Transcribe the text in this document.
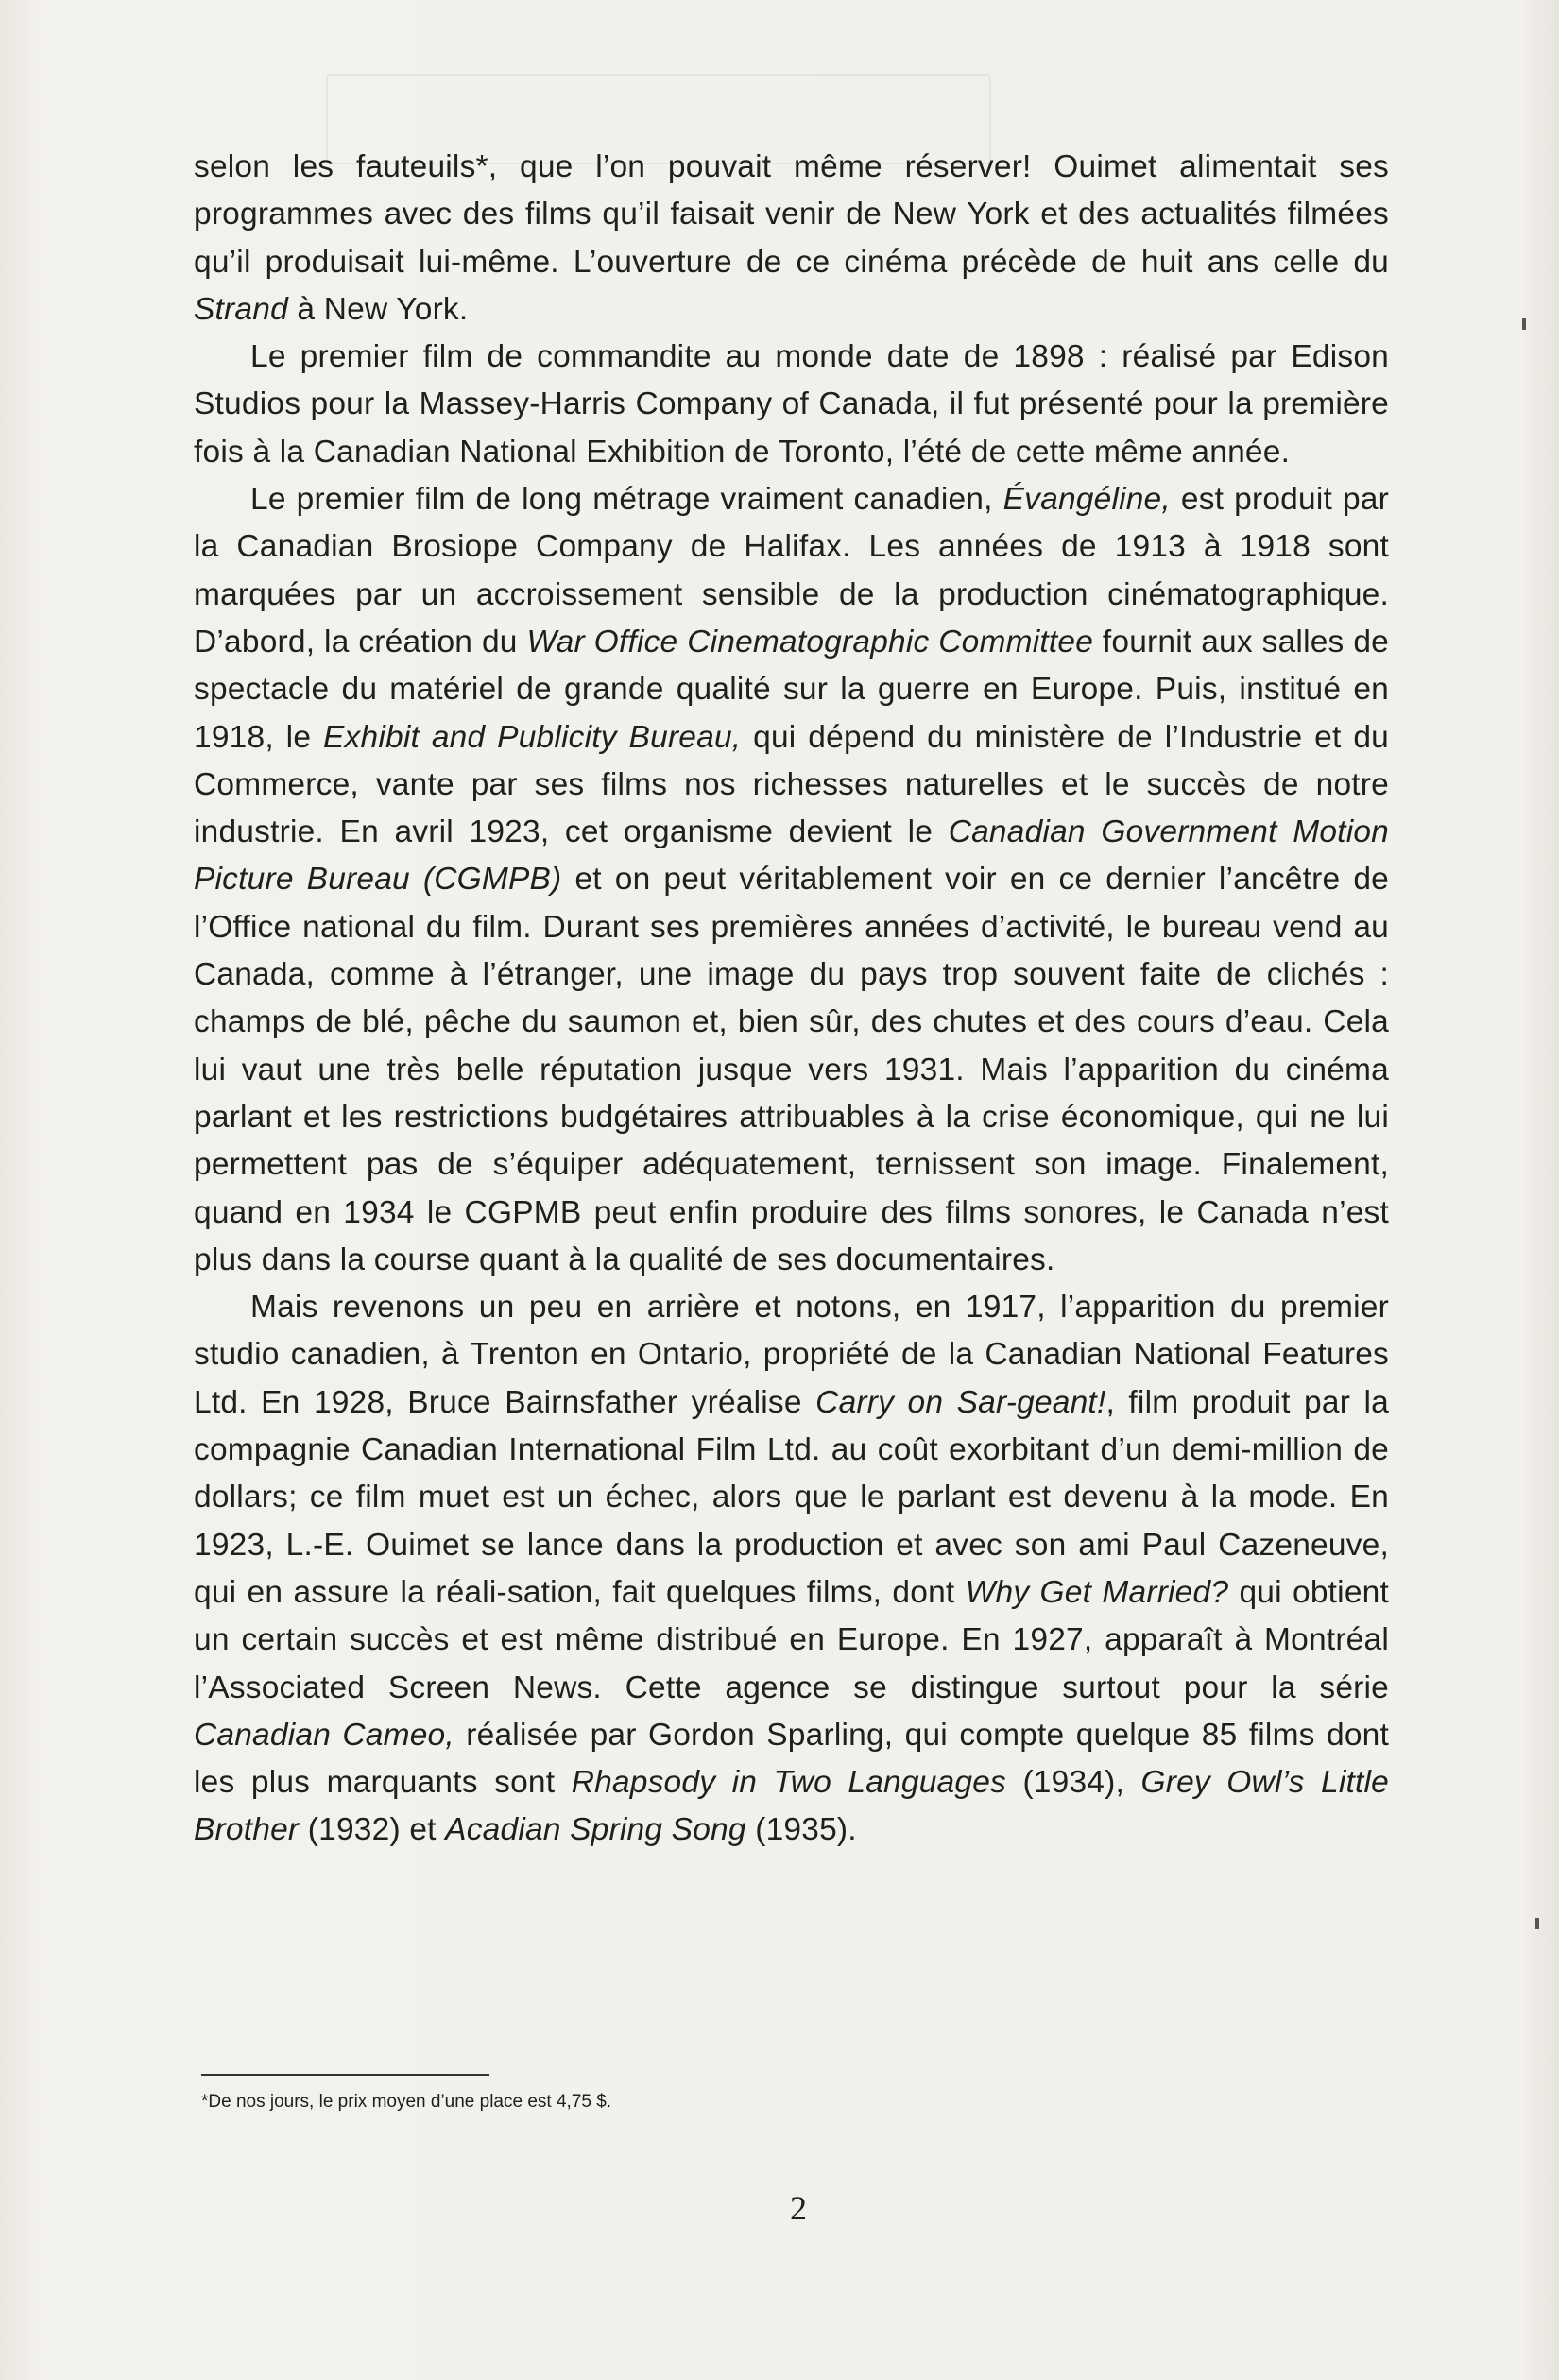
selon les fauteuils*, que l’on pouvait même réserver! Ouimet alimentait ses programmes avec des films qu’il faisait venir de New York et des actualités filmées qu’il produisait lui-même. L’ouverture de ce cinéma précède de huit ans celle du Strand à New York.

Le premier film de commandite au monde date de 1898 : réalisé par Edison Studios pour la Massey-Harris Company of Canada, il fut présenté pour la première fois à la Canadian National Exhibition de Toronto, l’été de cette même année.

Le premier film de long métrage vraiment canadien, Évangéline, est produit par la Canadian Brosiope Company de Halifax. Les années de 1913 à 1918 sont marquées par un accroissement sensible de la production cinématographique. D’abord, la création du War Office Cinematographic Committee fournit aux salles de spectacle du matériel de grande qualité sur la guerre en Europe. Puis, institué en 1918, le Exhibit and Publicity Bureau, qui dépend du ministère de l’Industrie et du Commerce, vante par ses films nos richesses naturelles et le succès de notre industrie. En avril 1923, cet organisme devient le Canadian Government Motion Picture Bureau (CGMPB) et on peut véritablement voir en ce dernier l’ancêtre de l’Office national du film. Durant ses premières années d’activité, le bureau vend au Canada, comme à l’étranger, une image du pays trop souvent faite de clichés : champs de blé, pêche du saumon et, bien sûr, des chutes et des cours d’eau. Cela lui vaut une très belle réputation jusque vers 1931. Mais l’apparition du cinéma parlant et les restrictions budgétaires attribuables à la crise économique, qui ne lui permettent pas de s’équiper adéquatement, ternissent son image. Finalement, quand en 1934 le CGPMB peut enfin produire des films sonores, le Canada n’est plus dans la course quant à la qualité de ses documentaires.

Mais revenons un peu en arrière et notons, en 1917, l’apparition du premier studio canadien, à Trenton en Ontario, propriété de la Canadian National Features Ltd. En 1928, Bruce Bairnsfather yréalise Carry on Sar-geant!, film produit par la compagnie Canadian International Film Ltd. au coût exorbitant d’un demi-million de dollars; ce film muet est un échec, alors que le parlant est devenu à la mode. En 1923, L.-E. Ouimet se lance dans la production et avec son ami Paul Cazeneuve, qui en assure la réali-sation, fait quelques films, dont Why Get Married? qui obtient un certain succès et est même distribué en Europe. En 1927, apparaît à Montréal l’Associated Screen News. Cette agence se distingue surtout pour la série Canadian Cameo, réalisée par Gordon Sparling, qui compte quelque 85 films dont les plus marquants sont Rhapsody in Two Languages (1934), Grey Owl’s Little Brother (1932) et Acadian Spring Song (1935).

*De nos jours, le prix moyen d’une place est 4,75 $.
2
